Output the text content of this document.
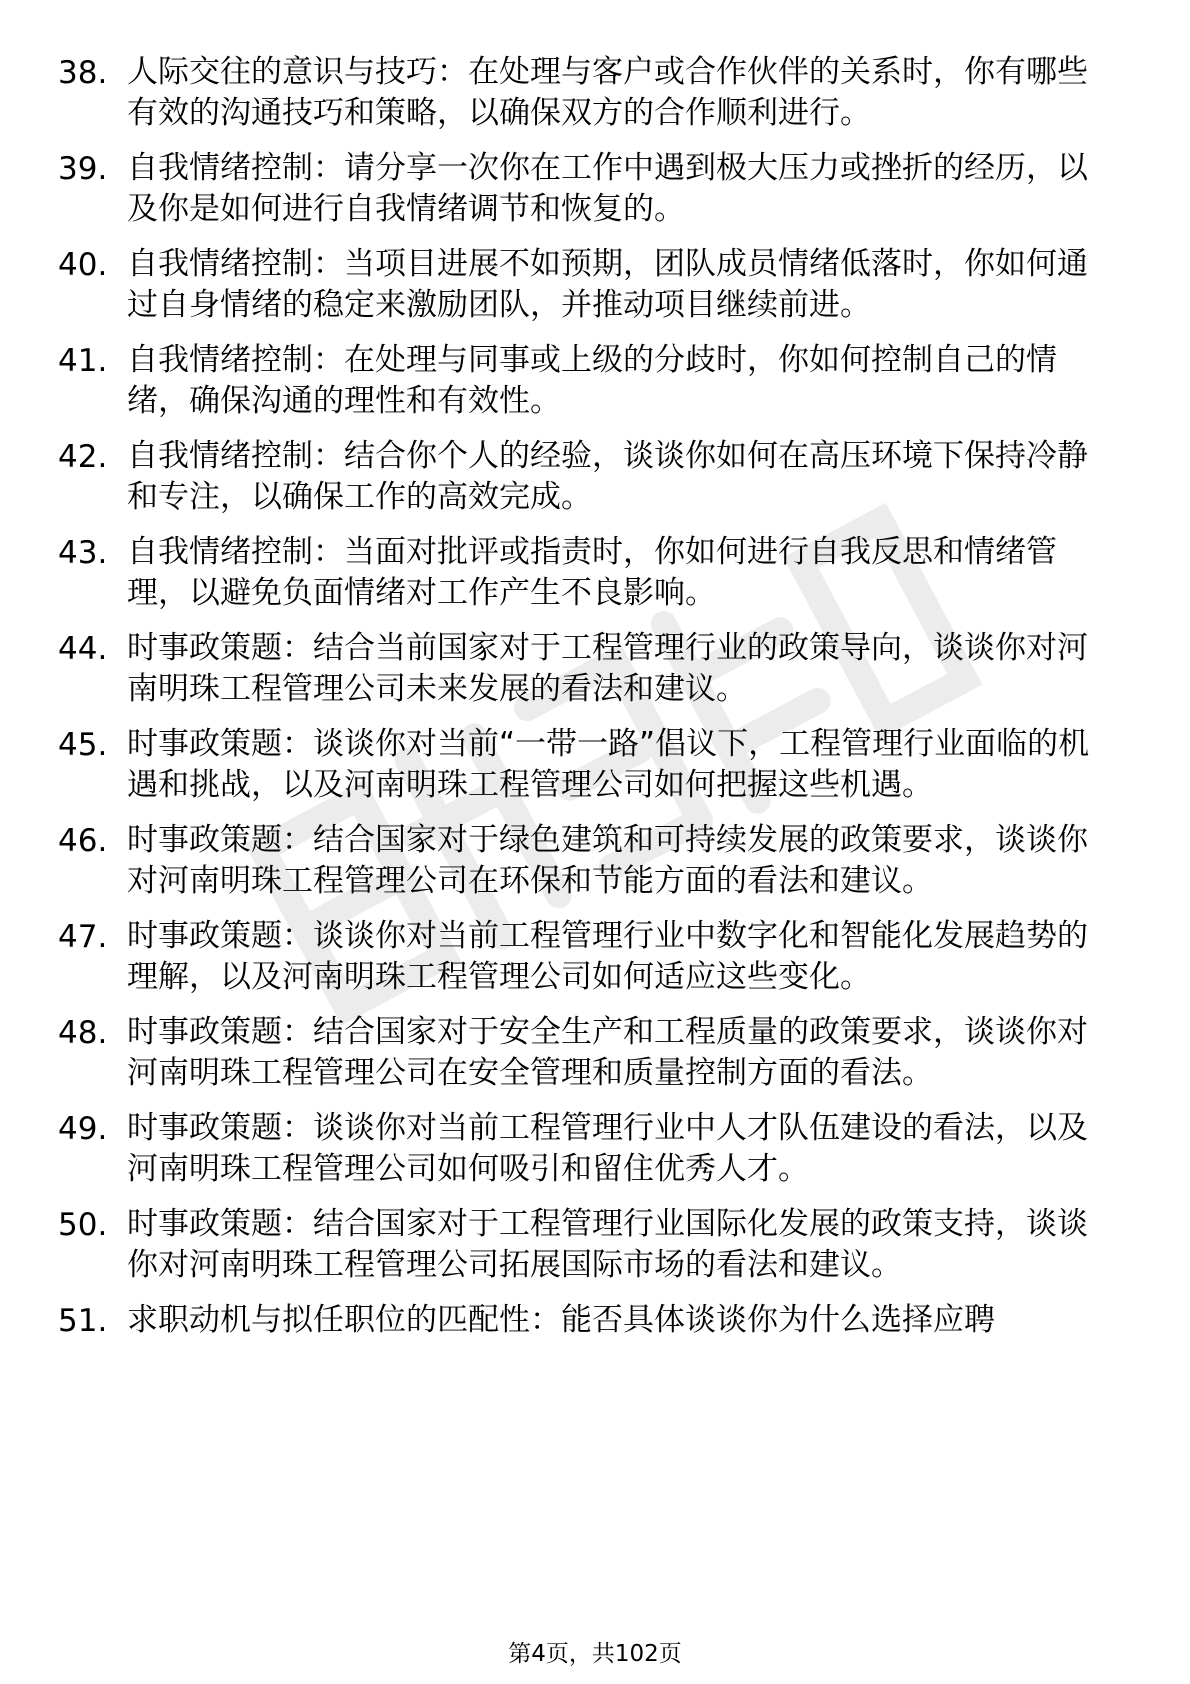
38. 人际交往的意识与技巧：在处理与客户或合作伙伴的关系时，你有哪些有效的沟通技巧和策略，以确保双方的合作顺利进行。
39. 自我情绪控制：请分享一次你在工作中遇到极大压力或挫折的经历，以及你是如何进行自我情绪调节和恢复的。
40. 自我情绪控制：当项目进展不如预期，团队成员情绪低落时，你如何通过自身情绪的稳定来激励团队，并推动项目继续前进。
41. 自我情绪控制：在处理与同事或上级的分歧时，你如何控制自己的情绪，确保沟通的理性和有效性。
42. 自我情绪控制：结合你个人的经验，谈谈你如何在高压环境下保持冷静和专注，以确保工作的高效完成。
43. 自我情绪控制：当面对批评或指责时，你如何进行自我反思和情绪管理，以避免负面情绪对工作产生不良影响。
44. 时事政策题：结合当前国家对于工程管理行业的政策导向，谈谈你对河南明珠工程管理公司未来发展的看法和建议。
45. 时事政策题：谈谈你对当前“一带一路”倡议下，工程管理行业面临的机遇和挑战，以及河南明珠工程管理公司如何把握这些机遇。
46. 时事政策题：结合国家对于绿色建筑和可持续发展的政策要求，谈谈你对河南明珠工程管理公司在环保和节能方面的看法和建议。
47. 时事政策题：谈谈你对当前工程管理行业中数字化和智能化发展趋势的理解，以及河南明珠工程管理公司如何适应这些变化。
48. 时事政策题：结合国家对于安全生产和工程质量的政策要求，谈谈你对河南明珠工程管理公司在安全管理和质量控制方面的看法。
49. 时事政策题：谈谈你对当前工程管理行业中人才队伍建设的看法，以及河南明珠工程管理公司如何吸引和留住优秀人才。
50. 时事政策题：结合国家对于工程管理行业国际化发展的政策支持，谈谈你对河南明珠工程管理公司拓展国际市场的看法和建议。
51. 求职动机与拟任职位的匹配性：能否具体谈谈你为什么选择应聘
第4页，共102页
